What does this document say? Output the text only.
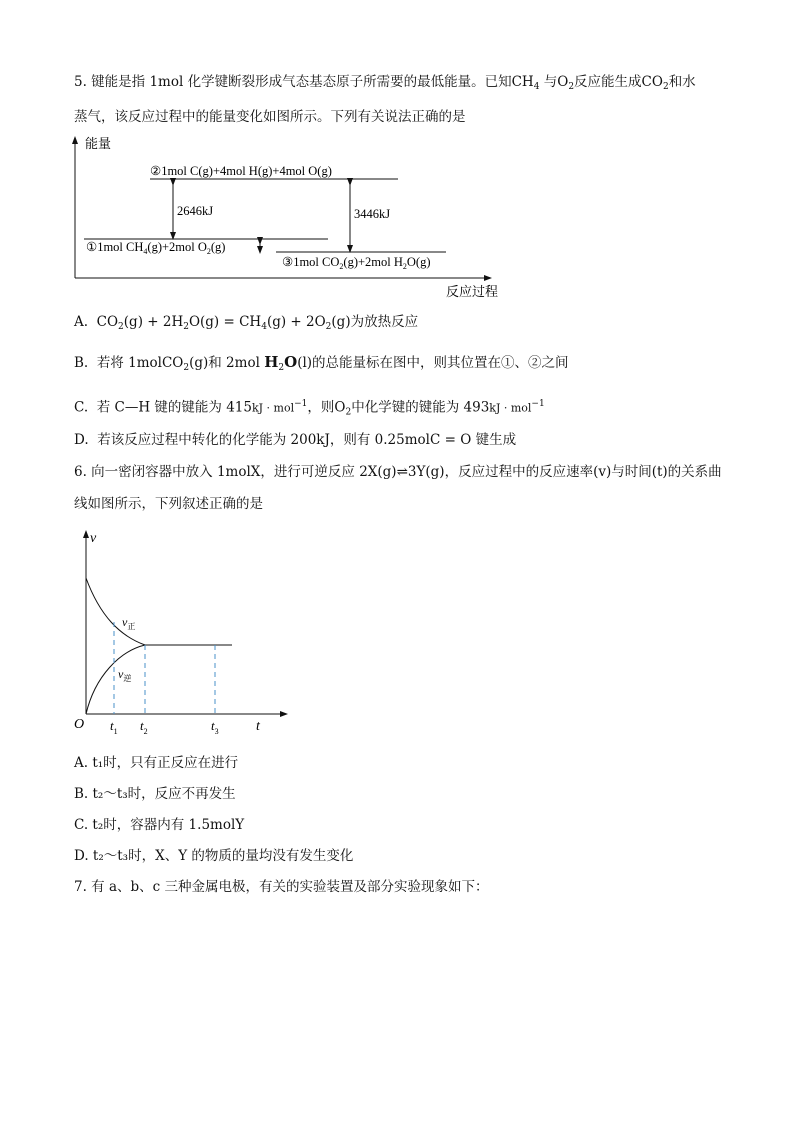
5. 键能是指 1mol 化学键断裂形成气态基态原子所需要的最低能量。已知$CH_4$ 与$O_2$反应能生成$CO_2$和水
蒸气，该反应过程中的能量变化如图所示。下列有关说法正确的是
能量
反应过程
②1mol C(g)+4mol H(g)+4mol O(g)
①1mol $CH_4(g)+2mol$ $O_2(g)$
③1mol $CO_2(g)+2mol$ $H_2O(g)$
2646kJ	3446kJ
A. $CO_2(g) + 2H_2O(g) = CH_4(g) + 2O_2(g)$为放热反应
B. 若将 1molCO$_2$(g)和 2mol $H_2O(l)$的总能量标在图中，则其位置在①、②之间
C. 若 C—H 键的键能为 415kJ · mol$^{-1}$，则$O_2$中化学键的键能为 493kJ · mol$^{-1}$
D. 若该反应过程中转化的化学能为 200kJ，则有 0.25molC = O 键生成
6. 向一密闭容器中放入 1molX，进行可逆反应 2X(g)⇌3Y(g)，反应过程中的反应速率(v)与时间(t)的关系曲
线如图所示，下列叙述正确的是
v
t
O
$v_正$
$v_逆$
$t_1$ $t_2$	$t_3$
A. t₁时，只有正反应在进行
B. t₂～t₃时，反应不再发生
C. t₂时，容器内有 1.5molY
D. t₂～t₃时，X、Y 的物质的量均没有发生变化
7. 有 a、b、c 三种金属电极，有关的实验装置及部分实验现象如下：
